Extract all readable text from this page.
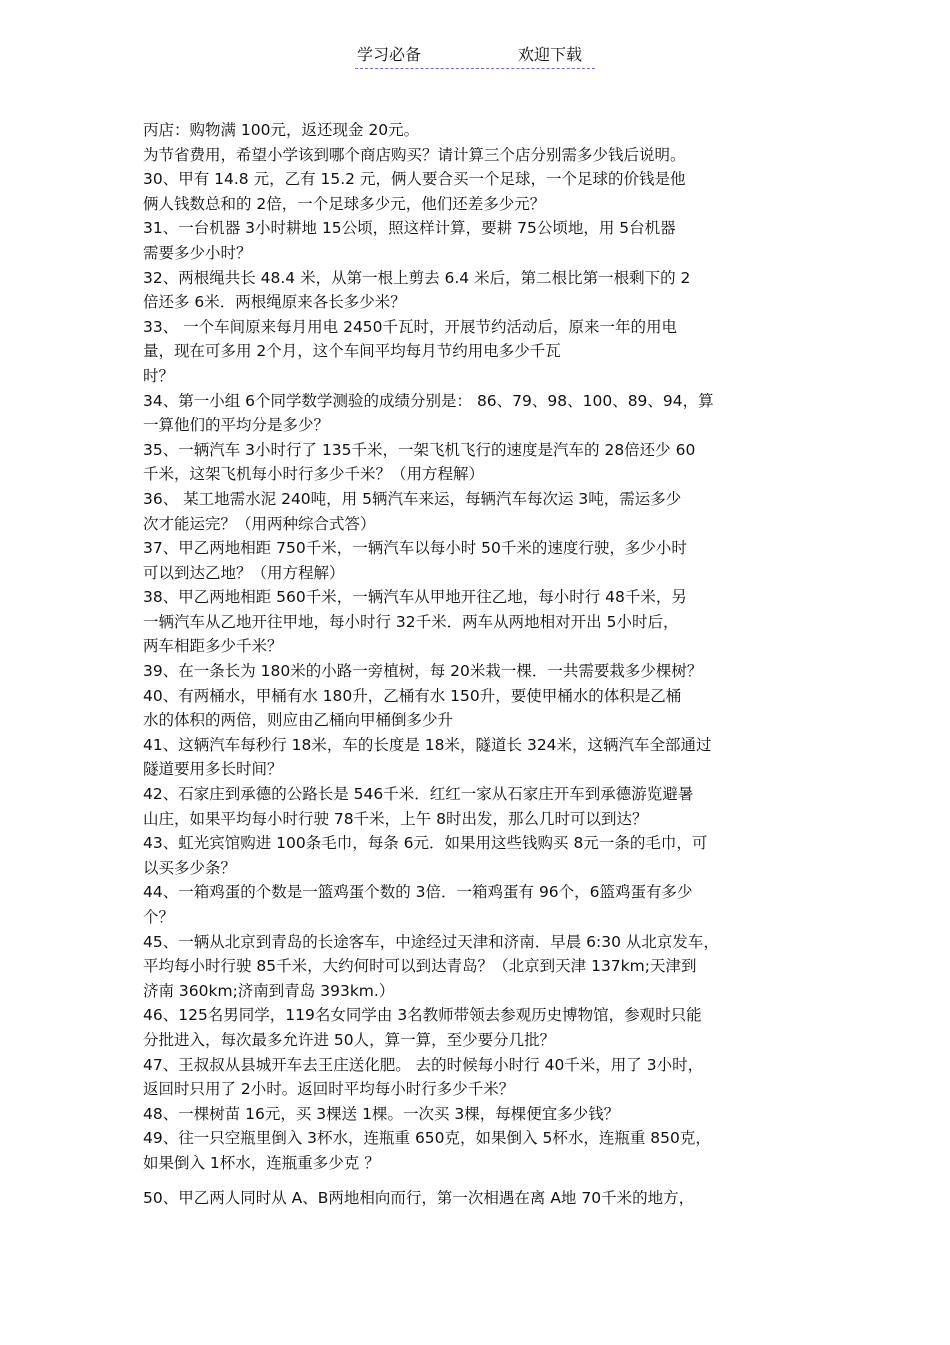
学习必备	欢迎下载
丙店：购物满 100元，返还现金 20元。
为节省费用，希望小学该到哪个商店购买？请计算三个店分别需多少钱后说明。
30、甲有 14.8 元，乙有 15.2 元，俩人要合买一个足球，一个足球的价钱是他
俩人钱数总和的 2倍，一个足球多少元，他们还差多少元？
31、一台机器 3小时耕地 15公顷，照这样计算，要耕 75公顷地，用 5台机器
需要多少小时？
32、两根绳共长 48.4 米，从第一根上剪去 6.4 米后，第二根比第一根剩下的 2
倍还多 6米．两根绳原来各长多少米？
33、 一个车间原来每月用电 2450千瓦时，开展节约活动后，原来一年的用电
量，现在可多用 2个月，这个车间平均每月节约用电多少千瓦
时？
34、第一小组 6个同学数学测验的成绩分别是： 86、79、98、100、89、94，算
一算他们的平均分是多少？
35、一辆汽车 3小时行了 135千米，一架飞机飞行的速度是汽车的 28倍还少 60
千米，这架飞机每小时行多少千米？（用方程解）
36、 某工地需水泥 240吨，用 5辆汽车来运，每辆汽车每次运 3吨，需运多少
次才能运完？（用两种综合式答）
37、甲乙两地相距 750千米，一辆汽车以每小时 50千米的速度行驶，多少小时
可以到达乙地？（用方程解）
38、甲乙两地相距 560千米，一辆汽车从甲地开往乙地，每小时行 48千米，另
一辆汽车从乙地开往甲地，每小时行 32千米．两车从两地相对开出 5小时后，
两车相距多少千米？
39、在一条长为 180米的小路一旁植树，每 20米栽一棵．一共需要栽多少棵树？
40、有两桶水，甲桶有水 180升，乙桶有水 150升，要使甲桶水的体积是乙桶
水的体积的两倍，则应由乙桶向甲桶倒多少升
41、这辆汽车每秒行 18米，车的长度是 18米，隧道长 324米，这辆汽车全部通过
隧道要用多长时间？
42、石家庄到承德的公路长是 546千米．红红一家从石家庄开车到承德游览避暑
山庄，如果平均每小时行驶 78千米，上午 8时出发，那么几时可以到达？
43、虹光宾馆购进 100条毛巾，每条 6元．如果用这些钱购买 8元一条的毛巾，可
以买多少条？
44、一箱鸡蛋的个数是一篮鸡蛋个数的 3倍．一箱鸡蛋有 96个，6篮鸡蛋有多少
个？
45、一辆从北京到青岛的长途客车，中途经过天津和济南．早晨 6:30 从北京发车，
平均每小时行驶 85千米，大约何时可以到达青岛？（北京到天津 137km;天津到
济南 360km;济南到青岛 393km.）
46、125名男同学，119名女同学由 3名教师带领去参观历史博物馆，参观时只能
分批进入，每次最多允许进 50人，算一算，至少要分几批？
47、王叔叔从县城开车去王庄送化肥。 去的时候每小时行 40千米，用了 3小时，
返回时只用了 2小时。返回时平均每小时行多少千米？
48、一棵树苗 16元，买 3棵送 1棵。一次买 3棵，每棵便宜多少钱？
49、往一只空瓶里倒入 3杯水，连瓶重 650克，如果倒入 5杯水，连瓶重 850克，
如果倒入 1杯水，连瓶重多少克 ？
50、甲乙两人同时从 A、B两地相向而行，第一次相遇在离 A地 70千米的地方，
